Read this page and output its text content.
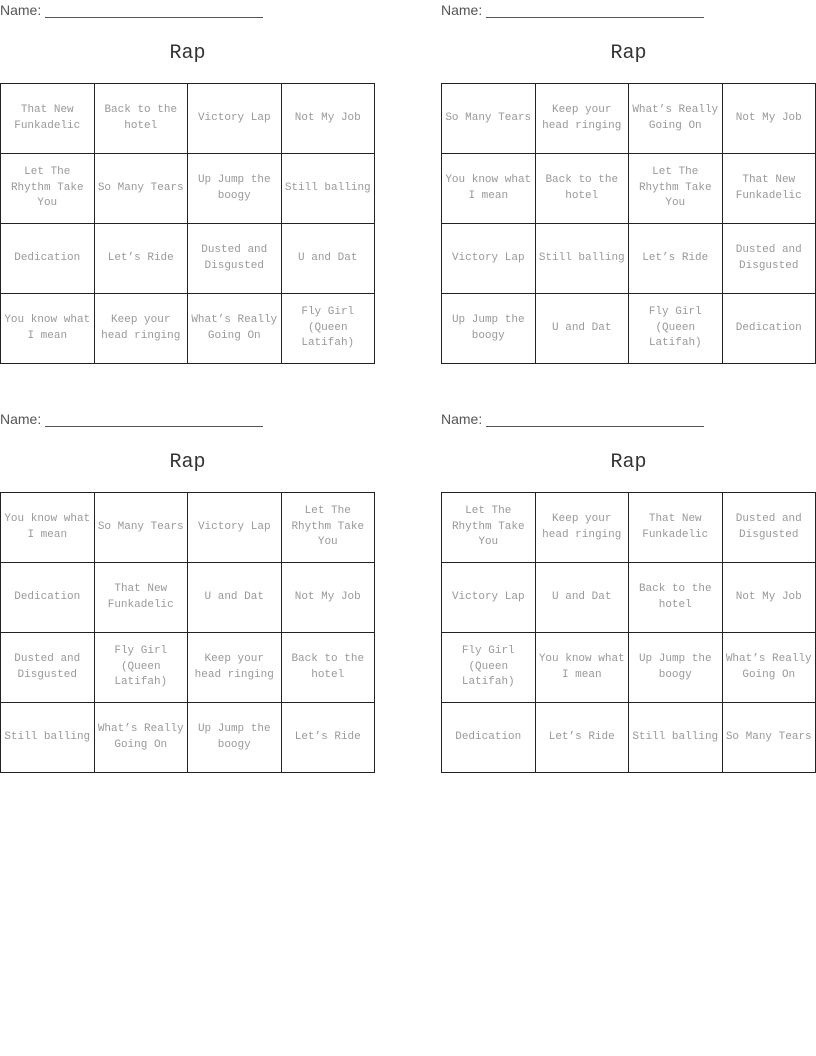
Name:
Rap
That New Funkadelic	Back to the hotel	Victory Lap	Not My Job
Let The Rhythm Take You	So Many Tears	Up Jump the boogy	Still balling
Dedication	Let’s Ride	Dusted and Disgusted	U and Dat
You know what I mean	Keep your head ringing	What’s Really Going On	Fly Girl (Queen Latifah)
Name:
Rap
So Many Tears	Keep your head ringing	What’s Really Going On	Not My Job
You know what I mean	Back to the hotel	Let The Rhythm Take You	That New Funkadelic
Victory Lap	Still balling	Let’s Ride	Dusted and Disgusted
Up Jump the boogy	U and Dat	Fly Girl (Queen Latifah)	Dedication
Name:
Rap
You know what I mean	So Many Tears	Victory Lap	Let The Rhythm Take You
Dedication	That New Funkadelic	U and Dat	Not My Job
Dusted and Disgusted	Fly Girl (Queen Latifah)	Keep your head ringing	Back to the hotel
Still balling	What’s Really Going On	Up Jump the boogy	Let’s Ride
Name:
Rap
Let The Rhythm Take You	Keep your head ringing	That New Funkadelic	Dusted and Disgusted
Victory Lap	U and Dat	Back to the hotel	Not My Job
Fly Girl (Queen Latifah)	You know what I mean	Up Jump the boogy	What’s Really Going On
Dedication	Let’s Ride	Still balling	So Many Tears
